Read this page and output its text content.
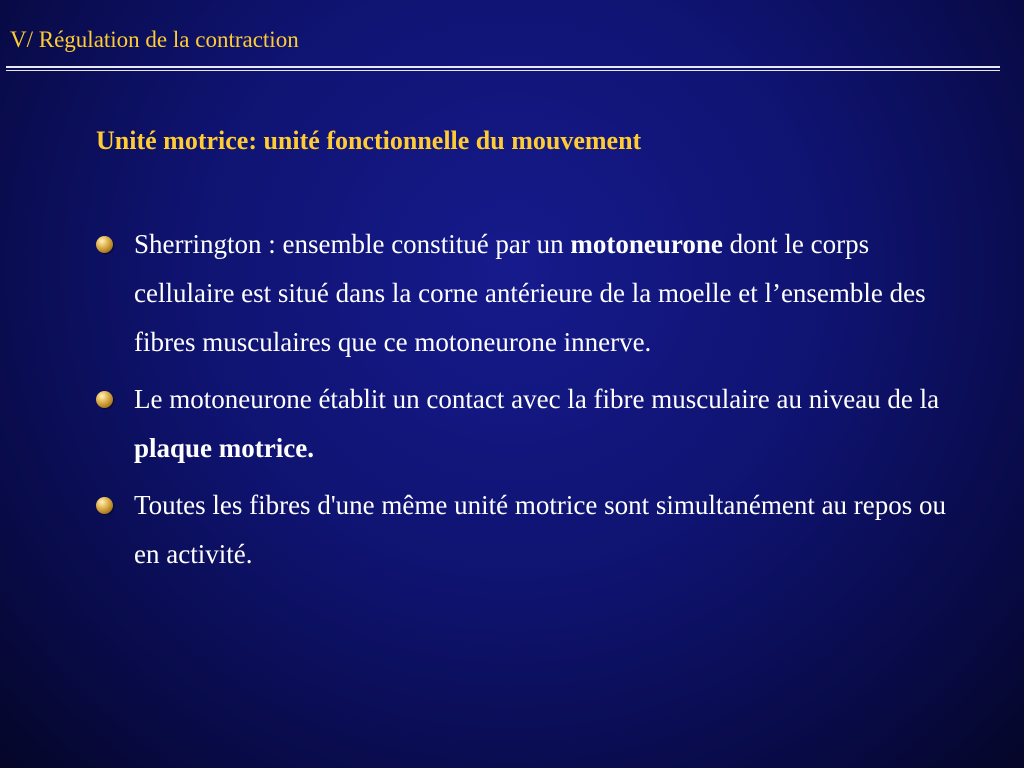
V/ Régulation de la contraction
Unité motrice: unité fonctionnelle du mouvement
Sherrington : ensemble constitué par un motoneurone dont le corps cellulaire est situé dans la corne antérieure de la moelle et l’ensemble des fibres musculaires que ce motoneurone innerve.
Le motoneurone établit un contact avec la fibre musculaire au niveau de la plaque motrice.
Toutes les fibres d'une même unité motrice sont simultanément au repos ou en activité.
